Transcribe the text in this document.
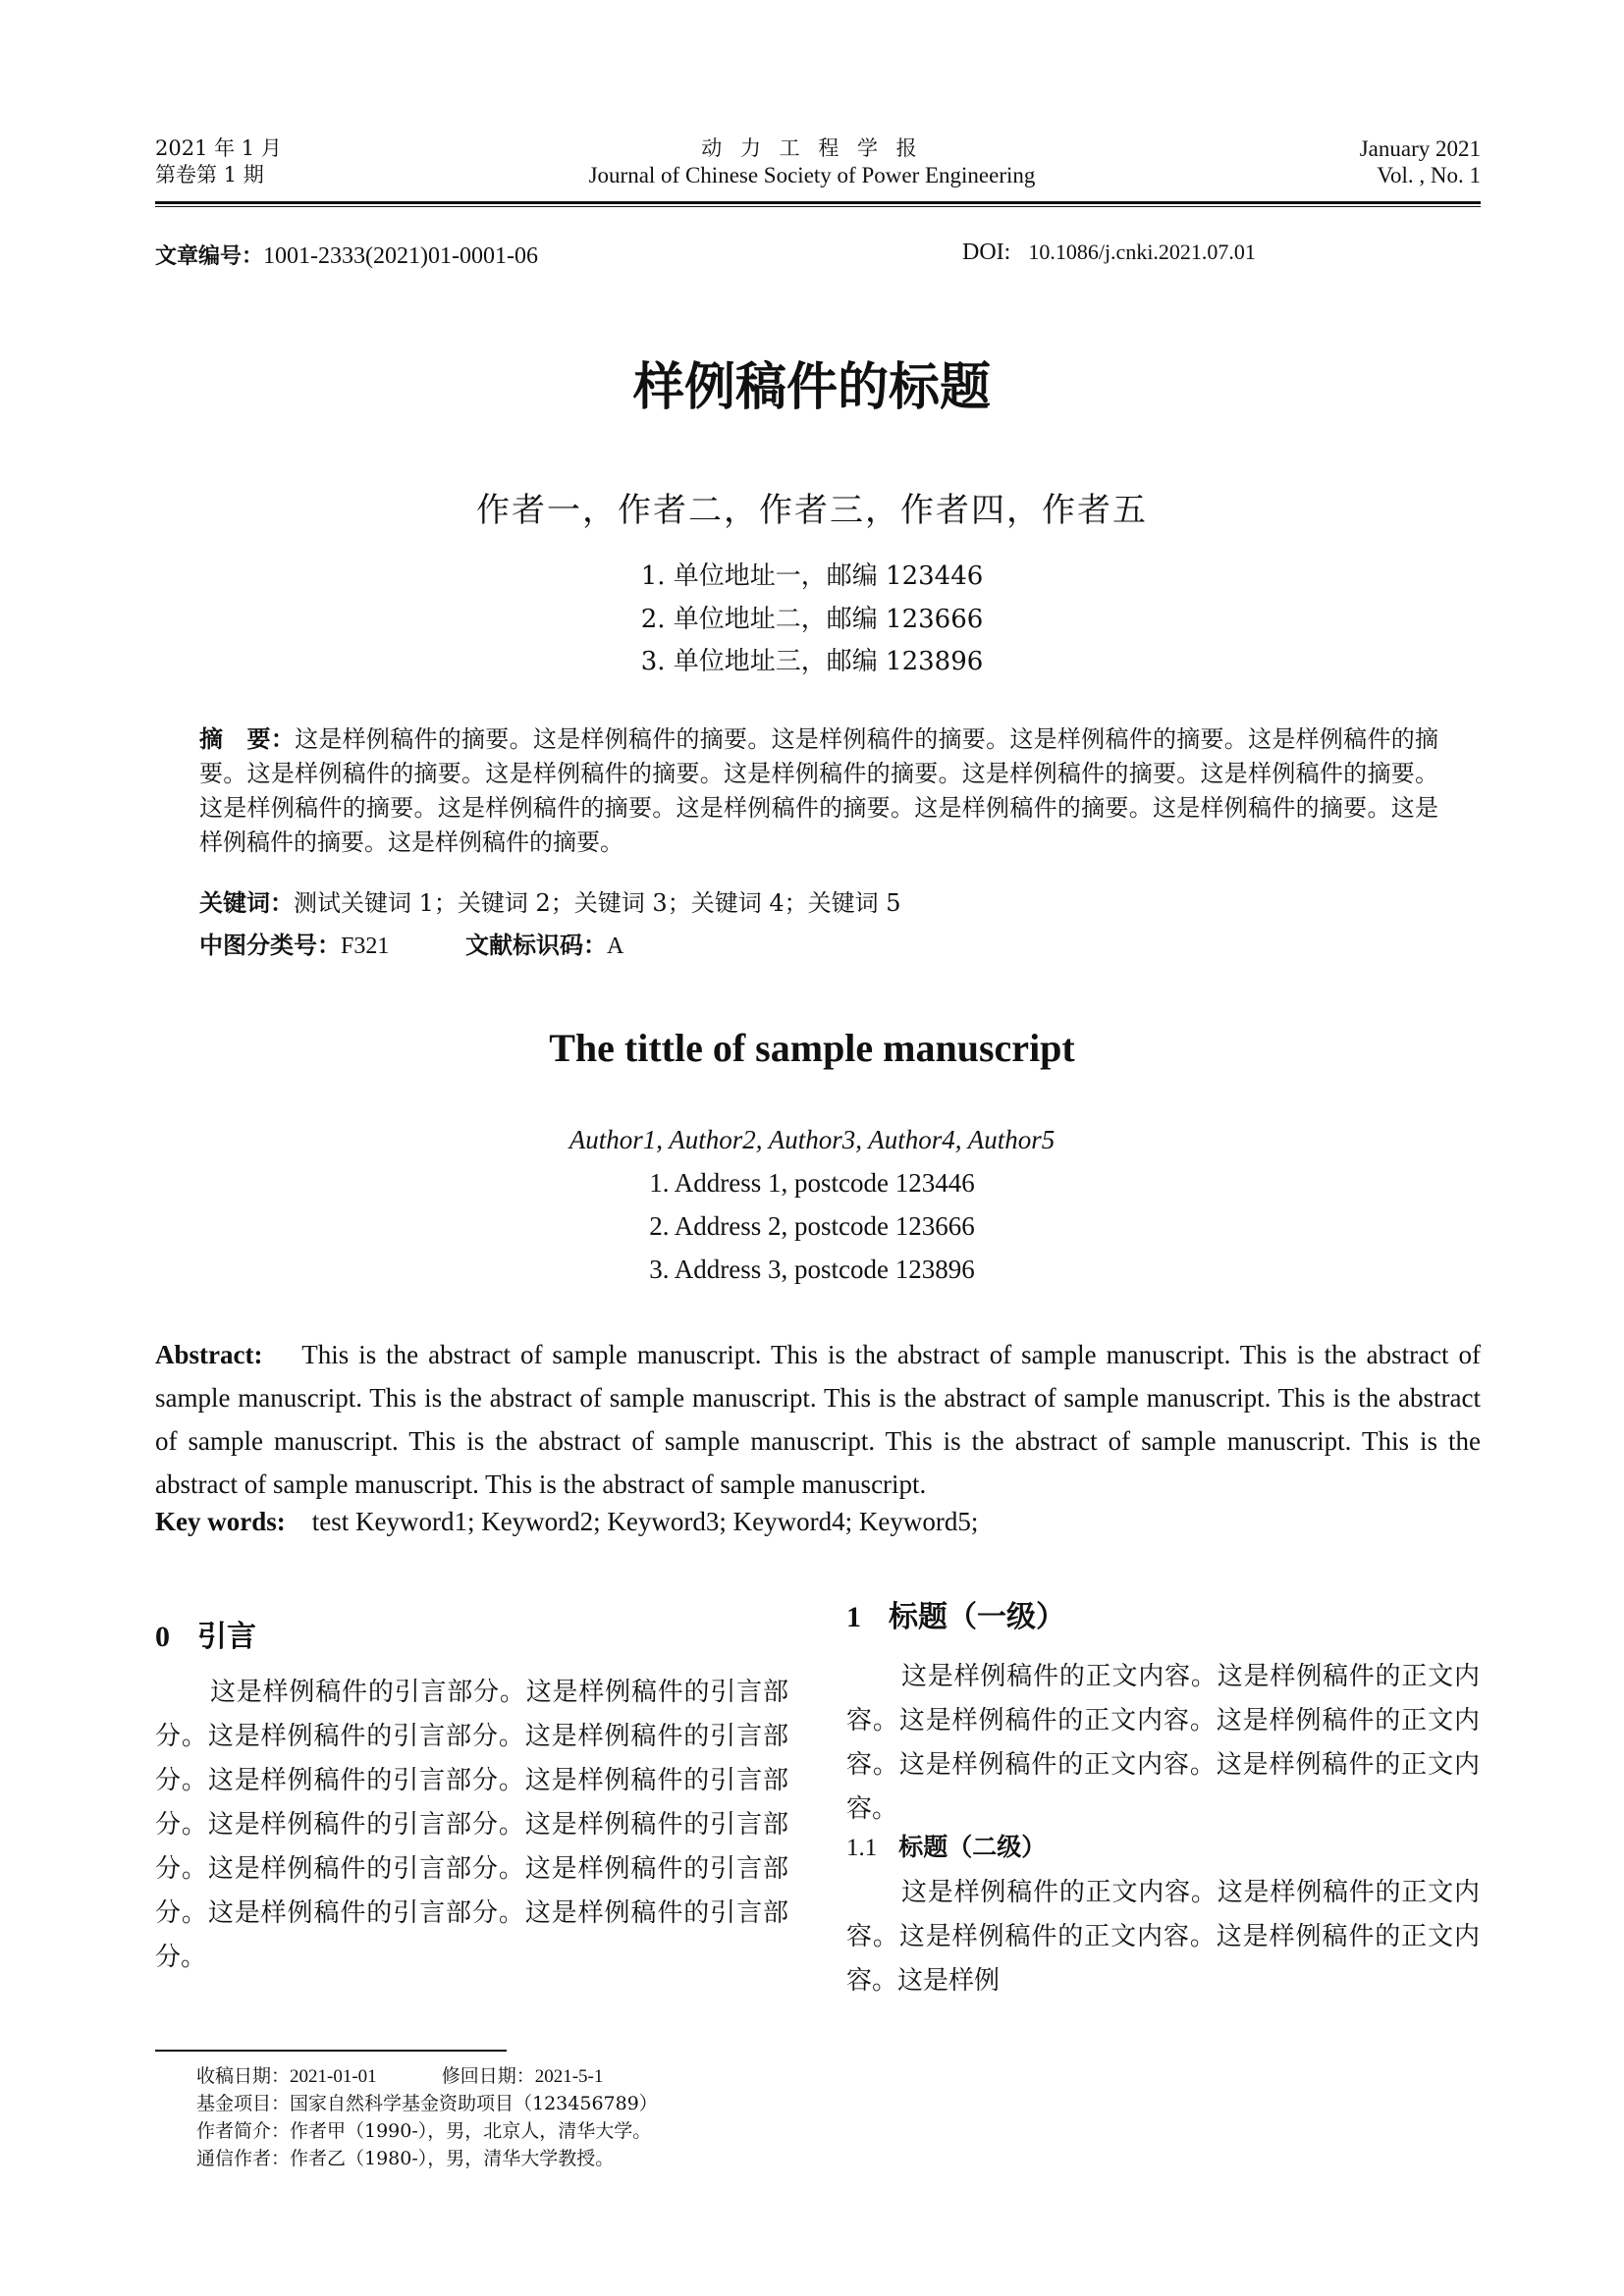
2021 年 1 月
第卷第 1 期
动 力 工 程 学 报
Journal of Chinese Society of Power Engineering
January 2021
Vol. , No. 1
文章编号：1001-2333(2021)01-0001-06	DOI: 10.1086/j.cnki.2021.07.01
样例稿件的标题
作者一，作者二，作者三，作者四，作者五
1. 单位地址一，邮编 123446
2. 单位地址二，邮编 123666
3. 单位地址三，邮编 123896
摘　要：这是样例稿件的摘要。这是样例稿件的摘要。这是样例稿件的摘要。这是样例稿件的摘要。这是样例稿件的摘要。这是样例稿件的摘要。这是样例稿件的摘要。这是样例稿件的摘要。这是样例稿件的摘要。这是样例稿件的摘要。这是样例稿件的摘要。这是样例稿件的摘要。这是样例稿件的摘要。这是样例稿件的摘要。这是样例稿件的摘要。这是样例稿件的摘要。这是样例稿件的摘要。
关键词：测试关键词 1；关键词 2；关键词 3；关键词 4；关键词 5
中图分类号：F321	文献标识码：A
The tittle of sample manuscript
Author1, Author2, Author3, Author4, Author5
1. Address 1, postcode 123446
2. Address 2, postcode 123666
3. Address 3, postcode 123896
Abstract: This is the abstract of sample manuscript. This is the abstract of sample manuscript. This is the abstract of sample manuscript. This is the abstract of sample manuscript. This is the abstract of sample manuscript. This is the abstract of sample manuscript. This is the abstract of sample manuscript. This is the abstract of sample manuscript. This is the abstract of sample manuscript. This is the abstract of sample manuscript.
Key words: test Keyword1; Keyword2; Keyword3; Keyword4; Keyword5;
0 引言
这是样例稿件的引言部分。这是样例稿件的引言部分。这是样例稿件的引言部分。这是样例稿件的引言部分。这是样例稿件的引言部分。这是样例稿件的引言部分。这是样例稿件的引言部分。这是样例稿件的引言部分。这是样例稿件的引言部分。这是样例稿件的引言部分。这是样例稿件的引言部分。这是样例稿件的引言部分。
1 标题（一级）
这是样例稿件的正文内容。这是样例稿件的正文内容。这是样例稿件的正文内容。这是样例稿件的正文内容。这是样例稿件的正文内容。这是样例稿件的正文内容。
1.1 标题（二级）
这是样例稿件的正文内容。这是样例稿件的正文内容。这是样例稿件的正文内容。这是样例稿件的正文内容。这是样例
收稿日期：2021-01-01	修回日期：2021-5-1
基金项目：国家自然科学基金资助项目（123456789）
作者简介：作者甲（1990-），男，北京人，清华大学。
通信作者：作者乙（1980-），男，清华大学教授。
